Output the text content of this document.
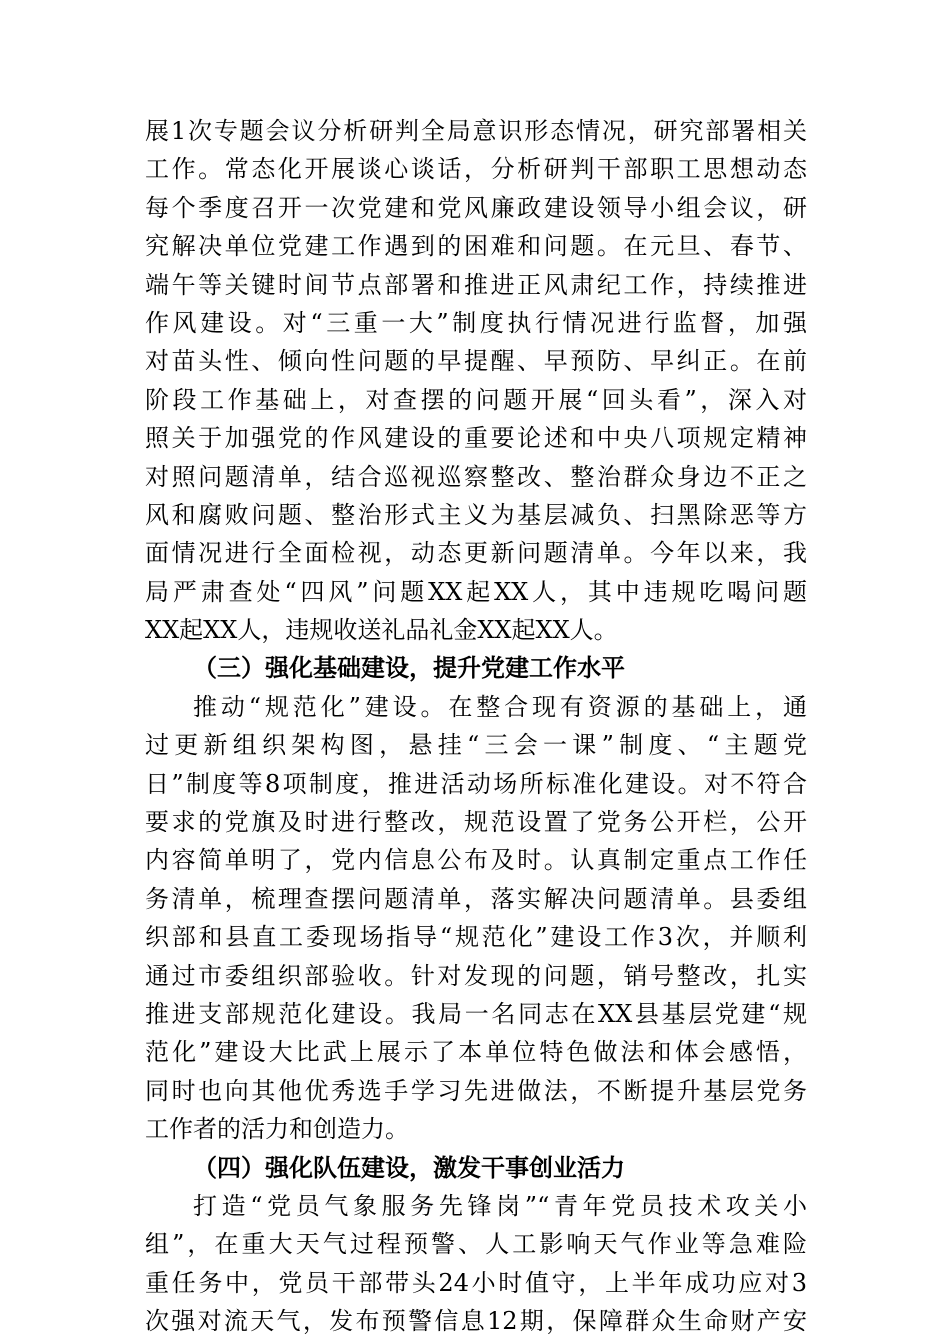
展1次专题会议分析研判全局意识形态情况，研究部署相关
工作。常态化开展谈心谈话，分析研判干部职工思想动态
每个季度召开一次党建和党风廉政建设领导小组会议，研
究解决单位党建工作遇到的困难和问题。在元旦、春节、
端午等关键时间节点部署和推进正风肃纪工作，持续推进
作风建设。对“三重一大”制度执行情况进行监督，加强
对苗头性、倾向性问题的早提醒、早预防、早纠正。在前
阶段工作基础上，对查摆的问题开展“回头看”，深入对
照关于加强党的作风建设的重要论述和中央八项规定精神
对照问题清单，结合巡视巡察整改、整治群众身边不正之
风和腐败问题、整治形式主义为基层减负、扫黑除恶等方
面情况进行全面检视，动态更新问题清单。今年以来，我
局严肃查处“四风”问题XX起XX人，其中违规吃喝问题
XX起XX人，违规收送礼品礼金XX起XX人。
（三）强化基础建设，提升党建工作水平
推动“规范化”建设。在整合现有资源的基础上，通
过更新组织架构图，悬挂“三会一课”制度、“主题党
日”制度等8项制度，推进活动场所标准化建设。对不符合
要求的党旗及时进行整改，规范设置了党务公开栏，公开
内容简单明了，党内信息公布及时。认真制定重点工作任
务清单，梳理查摆问题清单，落实解决问题清单。县委组
织部和县直工委现场指导“规范化”建设工作3次，并顺利
通过市委组织部验收。针对发现的问题，销号整改，扎实
推进支部规范化建设。我局一名同志在XX县基层党建“规
范化”建设大比武上展示了本单位特色做法和体会感悟，
同时也向其他优秀选手学习先进做法，不断提升基层党务
工作者的活力和创造力。
（四）强化队伍建设，激发干事创业活力
打造“党员气象服务先锋岗”“青年党员技术攻关小
组”，在重大天气过程预警、人工影响天气作业等急难险
重任务中，党员干部带头24小时值守，上半年成功应对3
次强对流天气，发布预警信息12期，保障群众生命财产安
